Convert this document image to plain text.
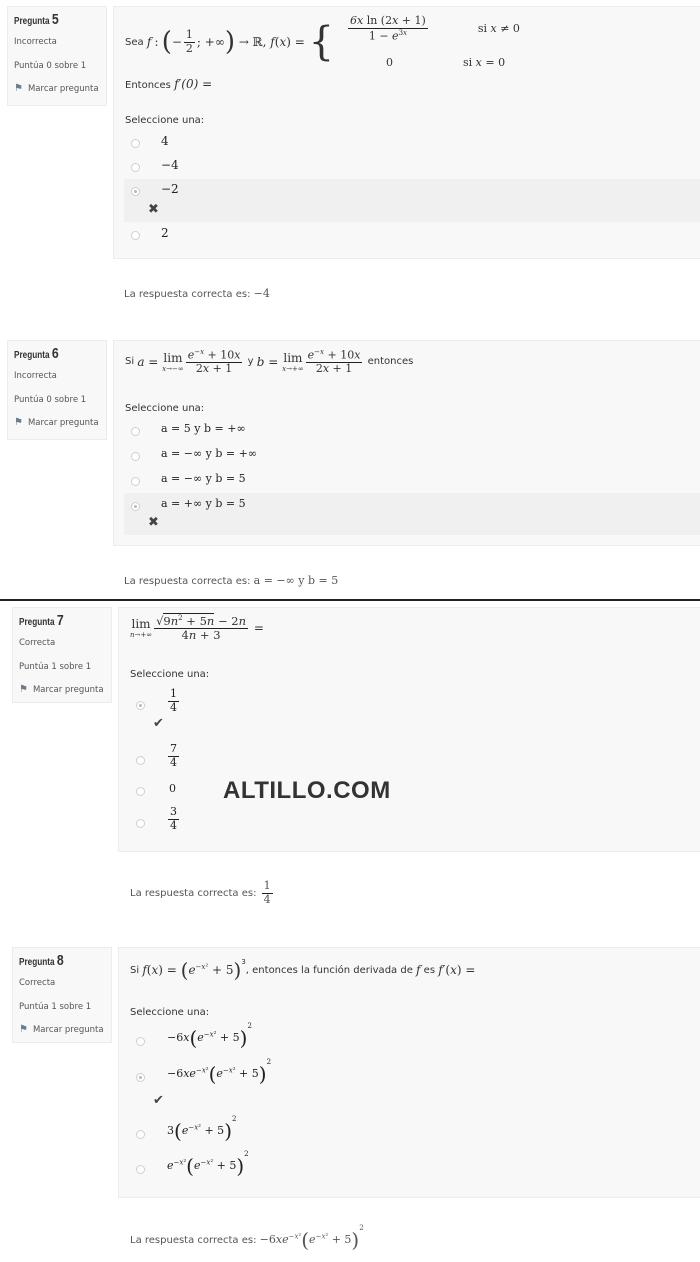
Pregunta 5
Incorrecta
Puntúa 0 sobre 1
⚑ Marcar pregunta
Sea
f
:
( − $\frac{1}{2}$ ; +∞ ) → ℝ, f ( x ) = { $\frac{\text{6x ln (2x + 1)}}{1 - e^{3x}}$	si x ≠ 0
0	si x = 0
Entonces f′(0) =
Seleccione una:
4
−4
−2
✖
2
La respuesta correcta es: −4
Pregunta 6
Incorrecta
Puntúa 0 sobre 1
⚑ Marcar pregunta
Si
a = lim
$x\to-\infty \frac{e^{-x} + 10x}{2x + 1}$ y b = lim
$x\to+\infty \frac{e^{-x} + 10x}{2x + 1}$ entonces
Seleccione una:
a = 5 y b = +∞
a = −∞ y b = +∞
a = −∞ y b = 5
a = +∞ y b = 5
✖
La respuesta correcta es: a = −∞ y b = 5
Pregunta 7
Correcta
Puntúa 1 sobre 1
⚑ Marcar pregunta
lim
$n\to+\infty \frac{√9n^2 + 5n - 2n}{4n + 3}$ =
Seleccione una:
$\frac{1}{4}$
✔
$\frac{7}{4}$
0
$\frac{3}{4}$
ALTILLO.COM
La respuesta correcta es:
$\frac{1}{4}$
Pregunta 8
Correcta
Puntúa 1 sobre 1
⚑ Marcar pregunta
Si
f(x) = ( $e^{-x^2} + 5$ )$^3$
, entonces la función derivada de
f
es
f′(x) =
Seleccione una:
$-6x(e^{-x^2} + 5)^2$
$-6xe^{-x^2}(e^{-x^2} + 5)^2$
✔
$3(e^{-x^2} + 5)^2$
$e^{-x^2}(e^{-x^2} + 5)^2$
La respuesta correcta es:
$-6xe^{-x^2}(e^{-x^2} + 5)^2$
